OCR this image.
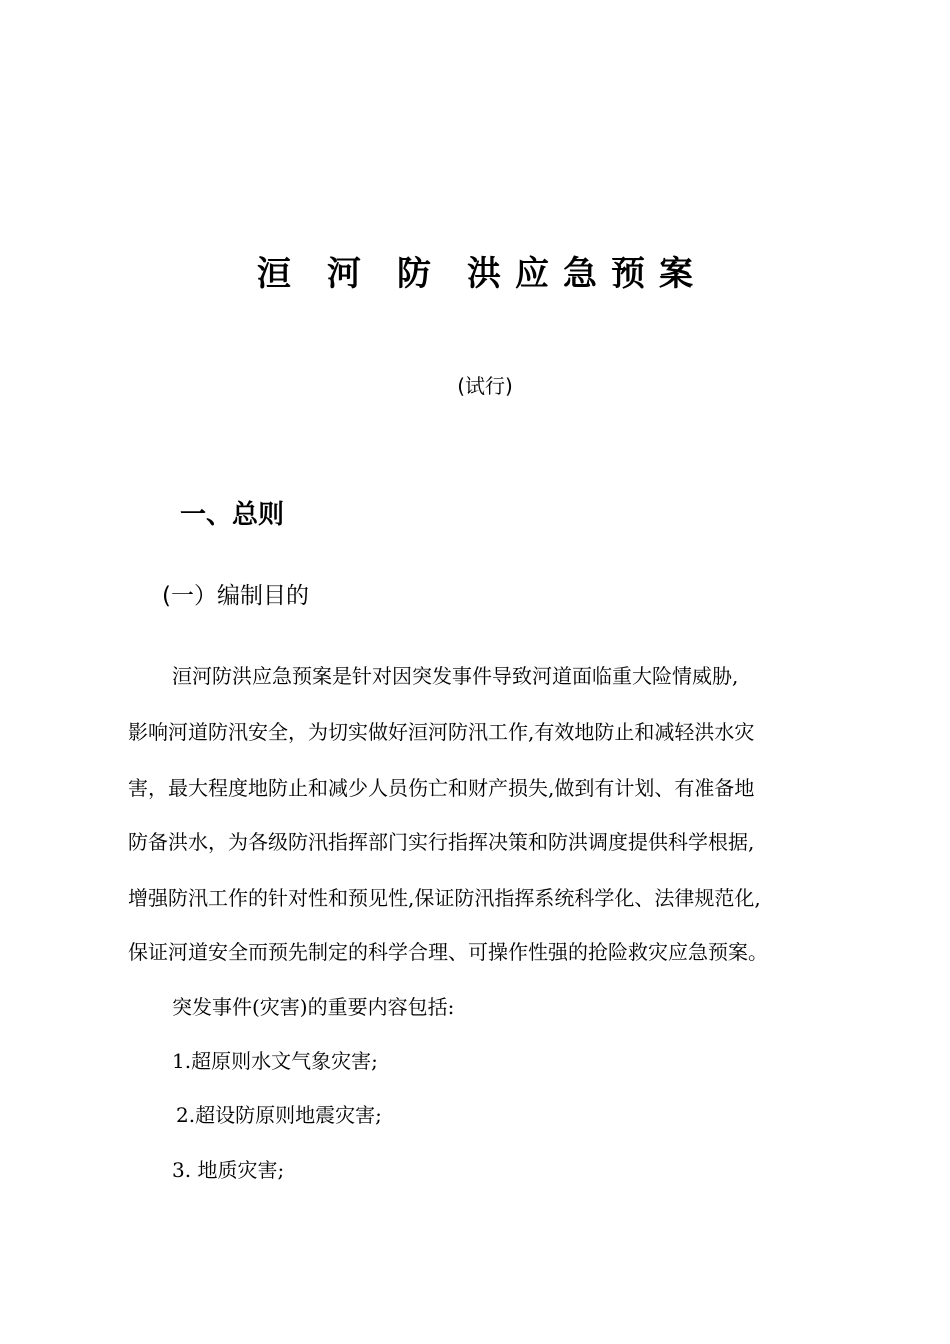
洹 河 防 洪 应 急 预 案
(试行)
一、总则
(一）编制目的
洹河防洪应急预案是针对因突发事件导致河道面临重大险情威胁,
影响河道防汛安全，为切实做好洹河防汛工作,有效地防止和减轻洪水灾
害，最大程度地防止和减少人员伤亡和财产损失,做到有计划、有准备地
防备洪水，为各级防汛指挥部门实行指挥决策和防洪调度提供科学根据,
增强防汛工作的针对性和预见性,保证防汛指挥系统科学化、法律规范化,
保证河道安全而预先制定的科学合理、可操作性强的抢险救灾应急预案。
突发事件(灾害)的重要内容包括:
1.超原则水文气象灾害;
2.超设防原则地震灾害;
3. 地质灾害;
